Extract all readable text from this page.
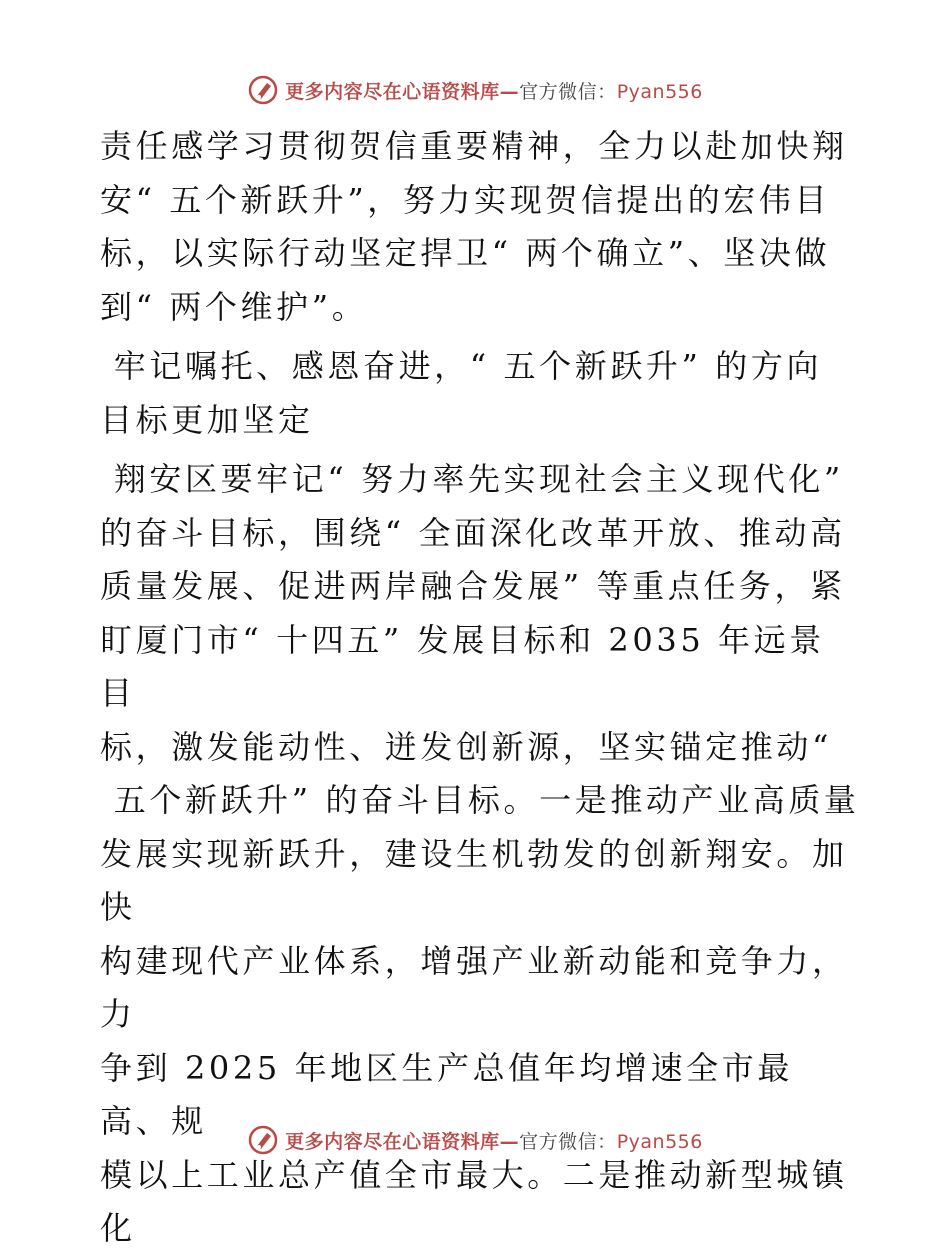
更多内容尽在心语资料库—官方微信：Pyan556

责任感学习贯彻贺信重要精神，全力以赴加快翔
安“ 五个新跃升”，努力实现贺信提出的宏伟目
标，以实际行动坚定捍卫“ 两个确立”、坚决做
到“ 两个维护”。

牢记嘱托、感恩奋进，“ 五个新跃升” 的方向
目标更加坚定

翔安区要牢记“ 努力率先实现社会主义现代化”
的奋斗目标，围绕“ 全面深化改革开放、推动高
质量发展、促进两岸融合发展” 等重点任务，紧
盯厦门市“ 十四五” 发展目标和 2035 年远景目
标，激发能动性、迸发创新源，坚实锚定推动“
五个新跃升” 的奋斗目标。一是推动产业高质量
发展实现新跃升，建设生机勃发的创新翔安。加快
构建现代产业体系，增强产业新动能和竞争力，力
争到 2025 年地区生产总值年均增速全市最高、规
模以上工业总产值全市最大。二是推动新型城镇化

更多内容尽在心语资料库—官方微信：Pyan556
